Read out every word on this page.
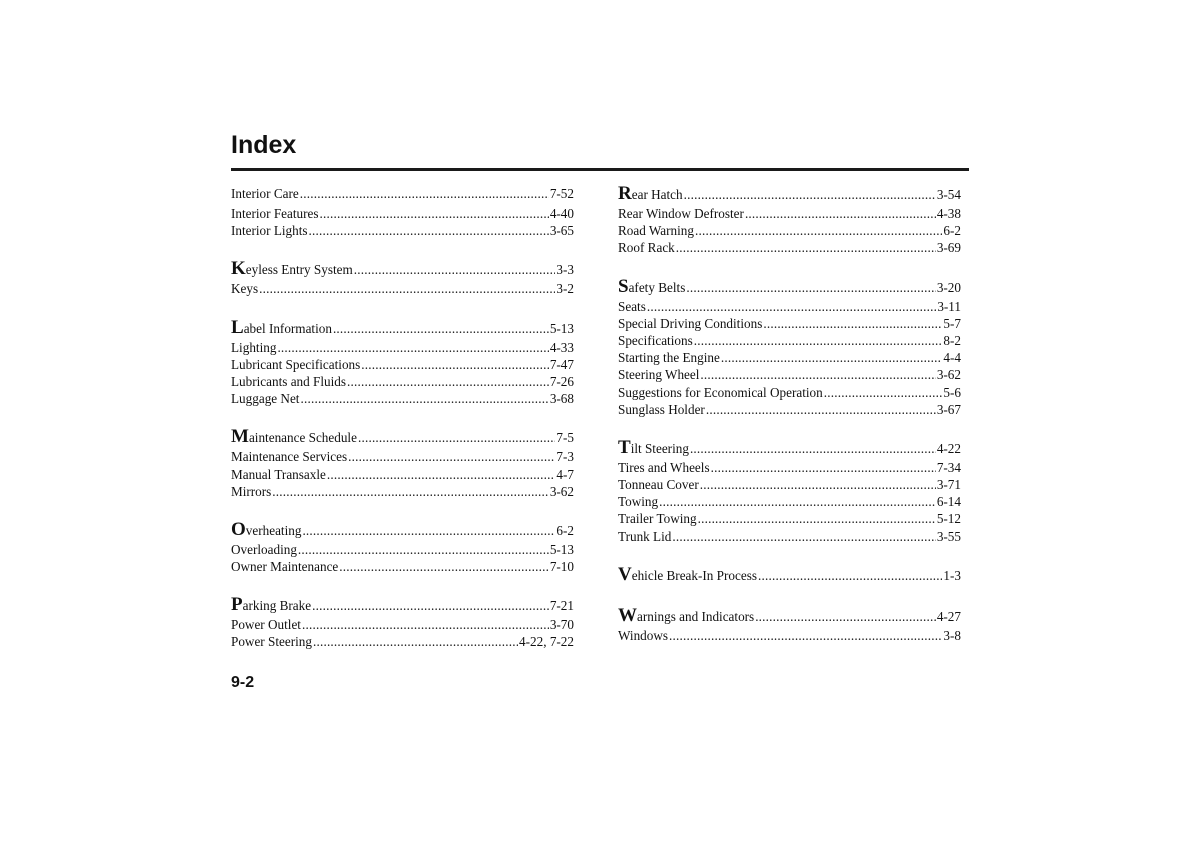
Index
Interior Care .....	7-52
Interior Features .....	4-40
Interior Lights .....	3-65
Keyless Entry System .....	3-3
Keys .....	3-2
Label Information .....	5-13
Lighting .....	4-33
Lubricant Specifications .....	7-47
Lubricants and Fluids .....	7-26
Luggage Net .....	3-68
Maintenance Schedule .....	7-5
Maintenance Services .....	7-3
Manual Transaxle .....	4-7
Mirrors .....	3-62
Overheating .....	6-2
Overloading .....	5-13
Owner Maintenance .....	7-10
Parking Brake .....	7-21
Power Outlet .....	3-70
Power Steering .....	4-22, 7-22
Rear Hatch .....	3-54
Rear Window Defroster .....	4-38
Road Warning .....	6-2
Roof Rack .....	3-69
Safety Belts .....	3-20
Seats .....	3-11
Special Driving Conditions .....	5-7
Specifications .....	8-2
Starting the Engine .....	4-4
Steering Wheel .....	3-62
Suggestions for Economical Operation .....	5-6
Sunglass Holder .....	3-67
Tilt Steering .....	4-22
Tires and Wheels .....	7-34
Tonneau Cover .....	3-71
Towing .....	6-14
Trailer Towing .....	5-12
Trunk Lid .....	3-55
Vehicle Break-In Process .....	1-3
Warnings and Indicators .....	4-27
Windows .....	3-8
9-2
